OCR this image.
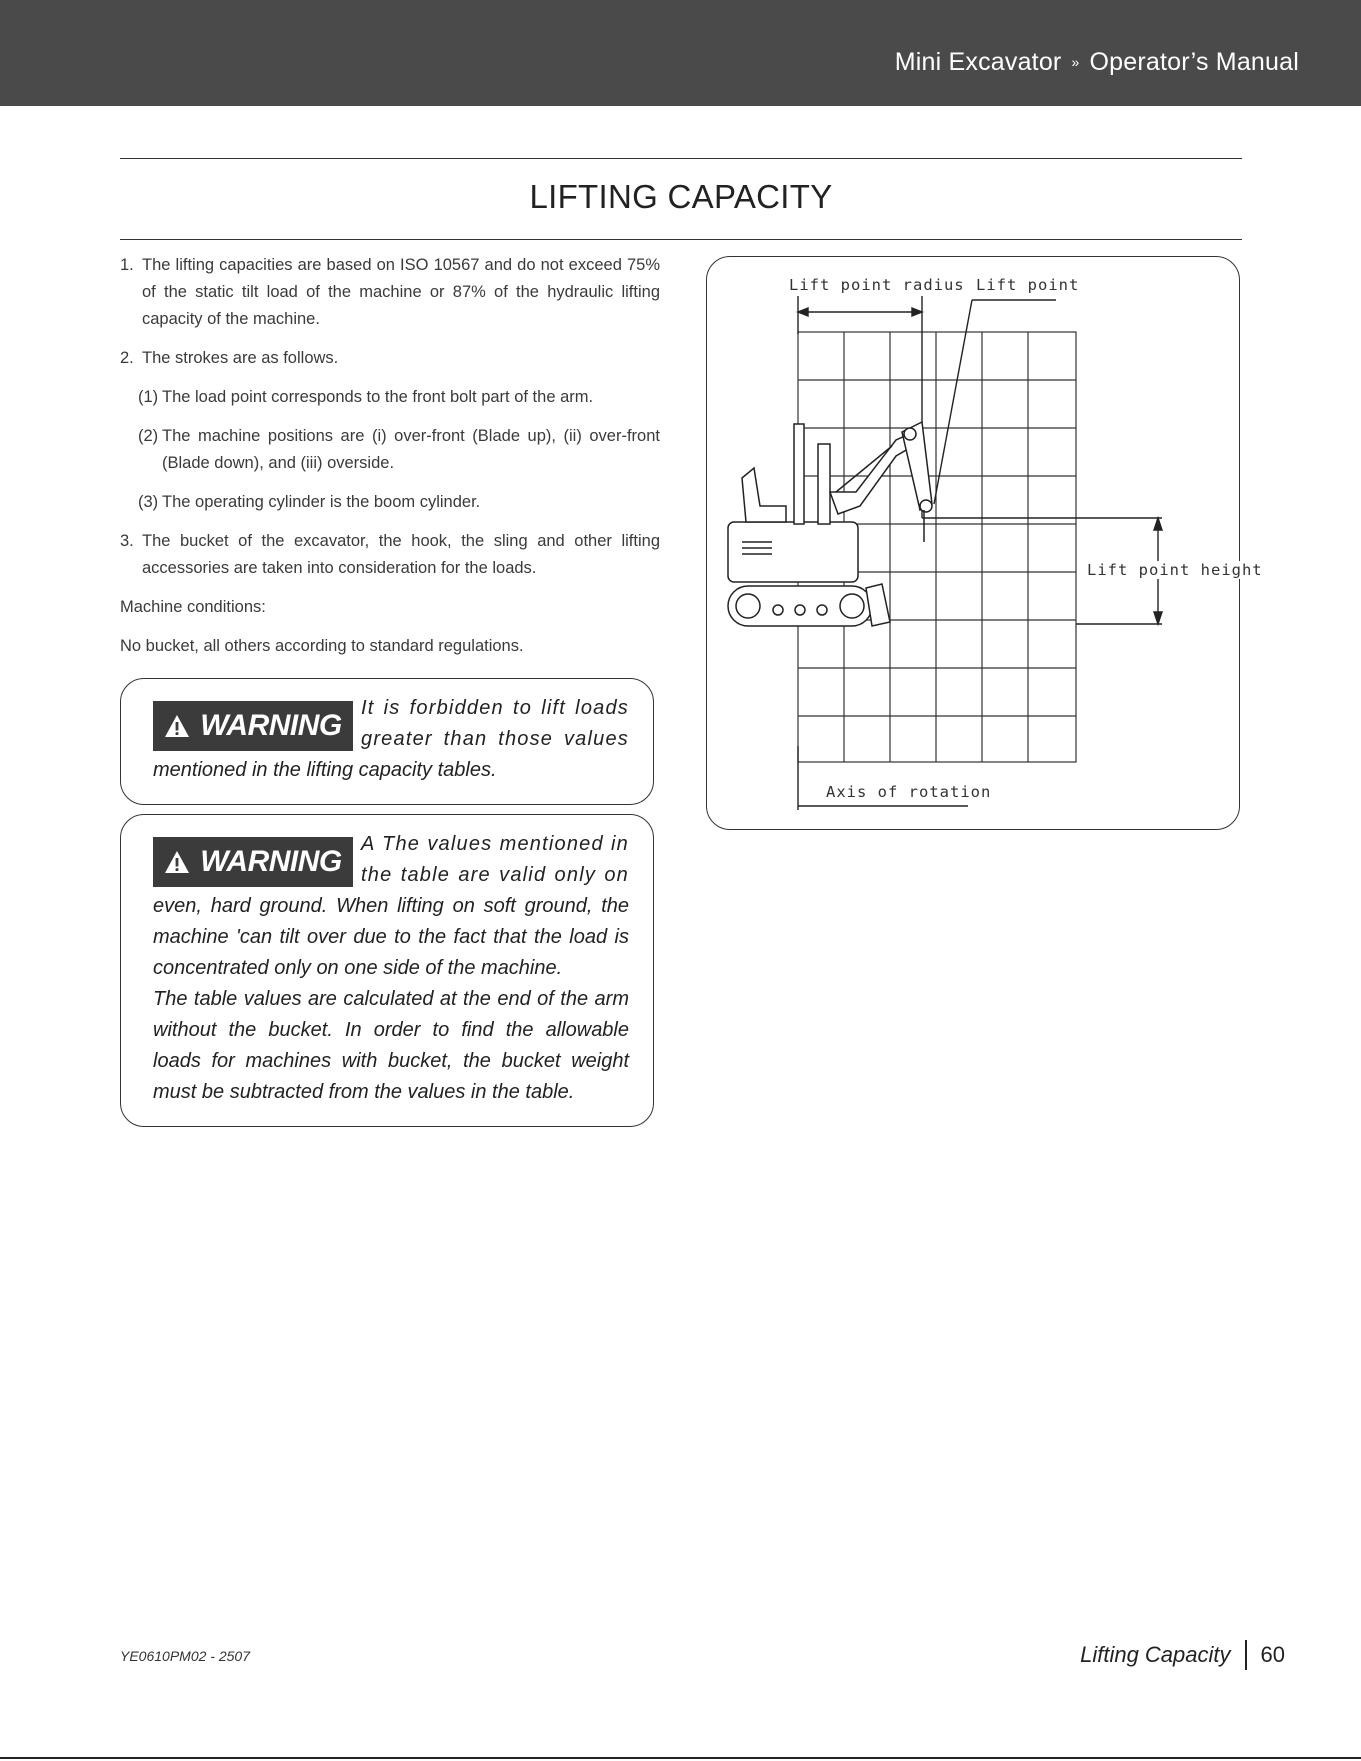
Mini Excavator » Operator’s Manual
LIFTING CAPACITY
1. The lifting capacities are based on ISO 10567 and do not exceed 75% of the static tilt load of the machine or 87% of the hydraulic lifting capacity of the machine.
2. The strokes are as follows.
(1) The load point corresponds to the front bolt part of the arm.
(2) The machine positions are (i) over-front (Blade up), (ii) over-front (Blade down), and (iii) overside.
(3) The operating cylinder is the boom cylinder.
3. The bucket of the excavator, the hook, the sling and other lifting accessories are taken into consideration for the loads.

Machine conditions:

No bucket, all others according to standard regulations.

WARNING
It is forbidden to lift loads greater than those values mentioned in the lifting capacity tables.
WARNING
A The values mentioned in the table are valid only on even, hard ground. When lifting on soft ground, the machine 'can tilt over due to the fact that the load is concentrated only on one side of the machine.

The table values are calculated at the end of the arm without the bucket. In order to find the allowable loads for machines with bucket, the bucket weight must be subtracted from the values in the table.

Lift point radius Lift point
Lift point height
Axis of rotation
YE0610PM02 - 2507	Lifting Capacity 60
